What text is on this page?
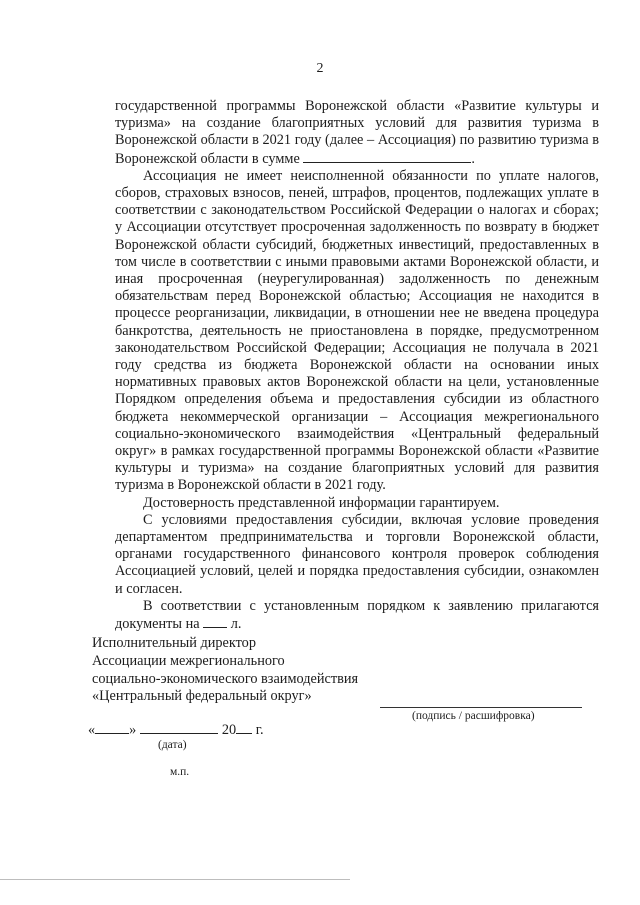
2

государственной программы Воронежской области «Развитие культуры и туризма» на создание благоприятных условий для развития туризма в Воронежской области в 2021 году (далее – Ассоциация) по развитию туризма в Воронежской области в сумме	.

Ассоциация не имеет неисполненной обязанности по уплате налогов, сборов, страховых взносов, пеней, штрафов, процентов, подлежащих уплате в соответствии с законодательством Российской Федерации о налогах и сборах; у Ассоциации отсутствует просроченная задолженность по возврату в бюджет Воронежской области субсидий, бюджетных инвестиций, предоставленных в том числе в соответствии с иными правовыми актами Воронежской области, и иная просроченная (неурегулированная) задолженность по денежным обязательствам перед Воронежской областью; Ассоциация не находится в процессе реорганизации, ликвидации, в отношении нее не введена процедура банкротства, деятельность не приостановлена в порядке, предусмотренном законодательством Российской Федерации; Ассоциация не получала в 2021 году средства из бюджета Воронежской области на основании иных нормативных правовых актов Воронежской области на цели, установленные Порядком определения объема и предоставления субсидии из областного бюджета некоммерческой организации – Ассоциация межрегионального социально-экономического взаимодействия «Центральный федеральный округ» в рамках государственной программы Воронежской области «Развитие культуры и туризма» на создание благоприятных условий для развития туризма в Воронежской области в 2021 году.

Достоверность представленной информации гарантируем.

С условиями предоставления субсидии, включая условие проведения департаментом предпринимательства и торговли Воронежской области, органами государственного финансового контроля проверок соблюдения Ассоциацией условий, целей и порядка предоставления субсидии, ознакомлен и согласен.

В соответствии с установленным порядком к заявлению прилагаются документы на  л.

Исполнительный директор
Ассоциации межрегионального
социально-экономического взаимодействия
«Центральный федеральный округ»
(подпись / расшифровка)
« »	20 г.
(дата)
м.п.
